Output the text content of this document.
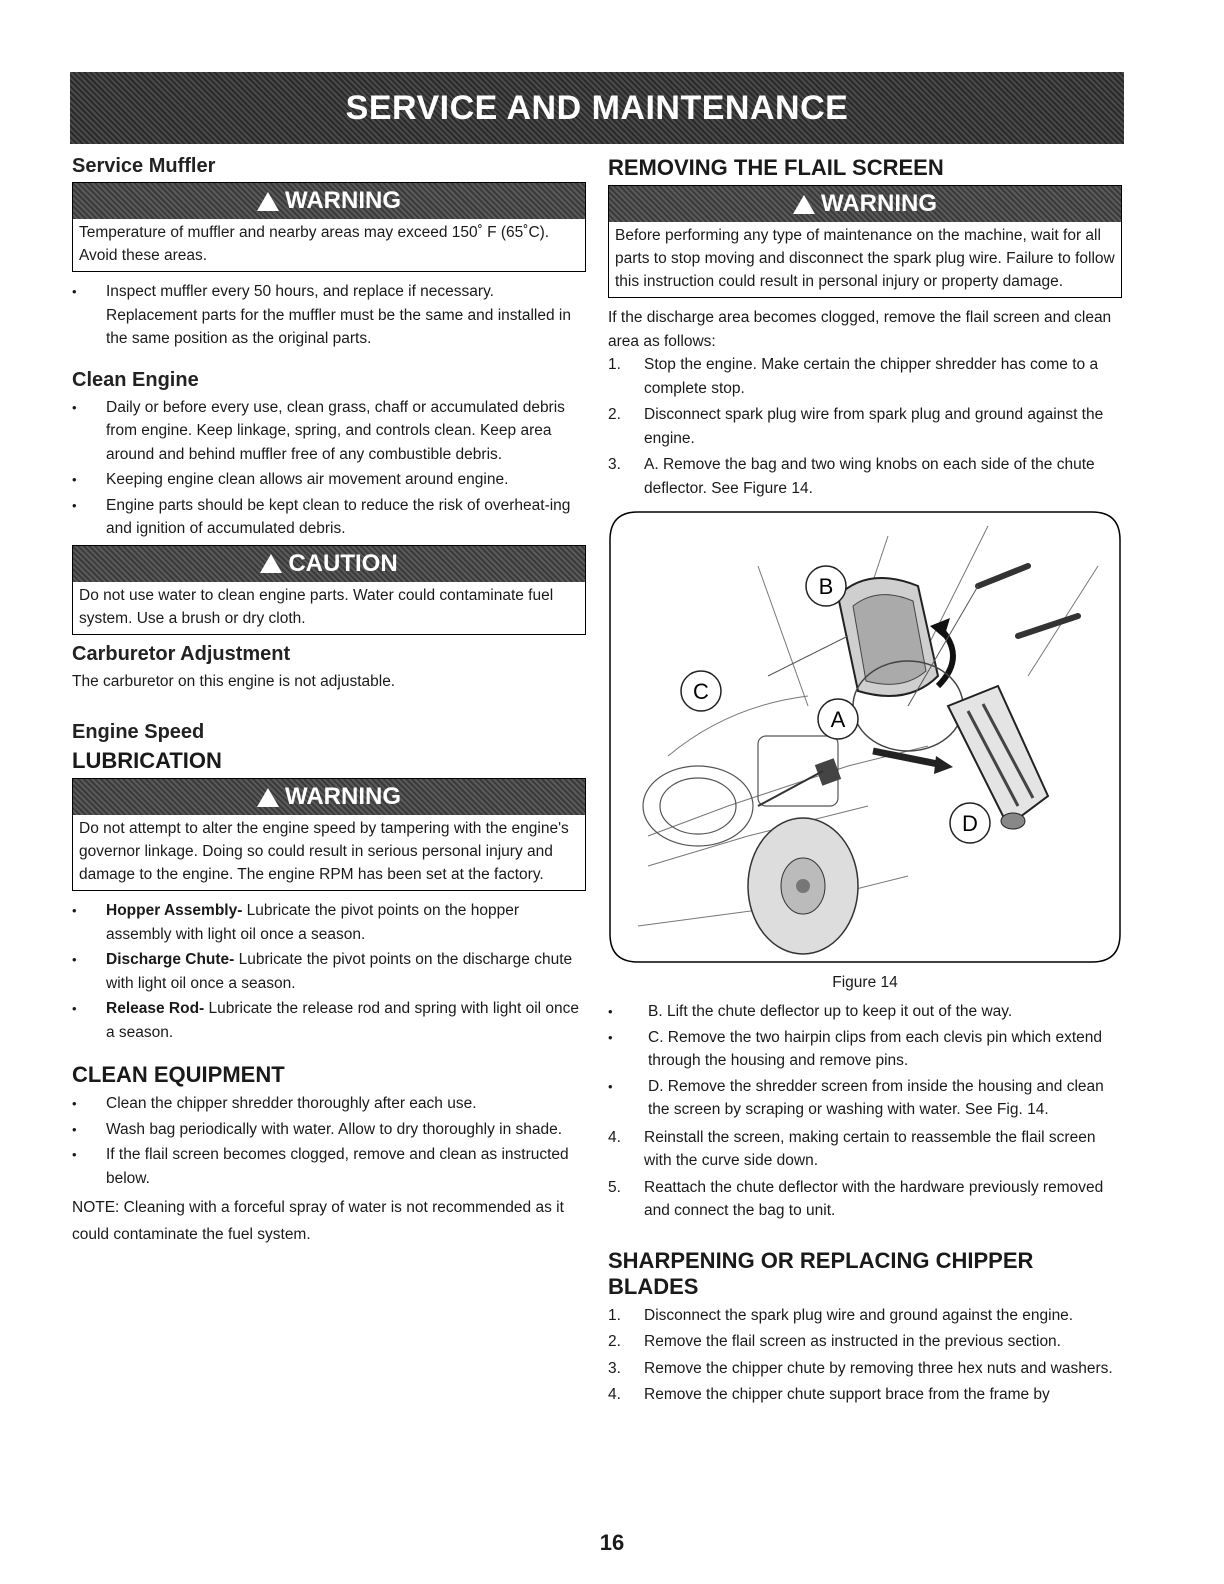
SERVICE AND MAINTENANCE
Service Muffler
WARNING
Temperature of muffler and nearby areas may exceed 150˚ F (65˚C). Avoid these areas.
• Inspect muffler every 50 hours, and replace if necessary. Replacement parts for the muffler must be the same and installed in the same position as the original parts.
Clean Engine
• Daily or before every use, clean grass, chaff or accumulated debris from engine. Keep linkage, spring, and controls clean. Keep area around and behind muffler free of any combustible debris.
• Keeping engine clean allows air movement around engine.
• Engine parts should be kept clean to reduce the risk of overheat-ing and ignition of accumulated debris.
CAUTION
Do not use water to clean engine parts. Water could contaminate fuel system. Use a brush or dry cloth.
Carburetor Adjustment

The carburetor on this engine is not adjustable.

Engine Speed
LUBRICATION
WARNING
Do not attempt to alter the engine speed by tampering with the engine's governor linkage. Doing so could result in serious personal injury and damage to the engine. The engine RPM has been set at the factory.
• Hopper Assembly- Lubricate the pivot points on the hopper assembly with light oil once a season.
• Discharge Chute- Lubricate the pivot points on the discharge chute with light oil once a season.
• Release Rod- Lubricate the release rod and spring with light oil once a season.
CLEAN EQUIPMENT
• Clean the chipper shredder thoroughly after each use.
• Wash bag periodically with water. Allow to dry thoroughly in shade.
• If the flail screen becomes clogged, remove and clean as instructed below.

NOTE: Cleaning with a forceful spray of water is not recommended as it could contaminate the fuel system.

REMOVING THE FLAIL SCREEN
WARNING
Before performing any type of maintenance on the machine, wait for all parts to stop moving and disconnect the spark plug wire. Failure to follow this instruction could result in personal injury or property damage.

If the discharge area becomes clogged, remove the flail screen and clean area as follows:

1. Stop the engine. Make certain the chipper shredder has come to a complete stop.
2. Disconnect spark plug wire from spark plug and ground against the engine.
3. A. Remove the bag and two wing knobs on each side of the chute deflector. See Figure 14.
B
C
A
D
Figure 14
• B. Lift the chute deflector up to keep it out of the way.
• C. Remove the two hairpin clips from each clevis pin which extend through the housing and remove pins.
• D. Remove the shredder screen from inside the housing and clean the screen by scraping or washing with water. See Fig. 14.
4. Reinstall the screen, making certain to reassemble the flail screen with the curve side down.
5. Reattach the chute deflector with the hardware previously removed and connect the bag to unit.
SHARPENING OR REPLACING CHIPPER BLADES
1. Disconnect the spark plug wire and ground against the engine.
2. Remove the flail screen as instructed in the previous section.
3. Remove the chipper chute by removing three hex nuts and washers.
4. Remove the chipper chute support brace from the frame by
16
